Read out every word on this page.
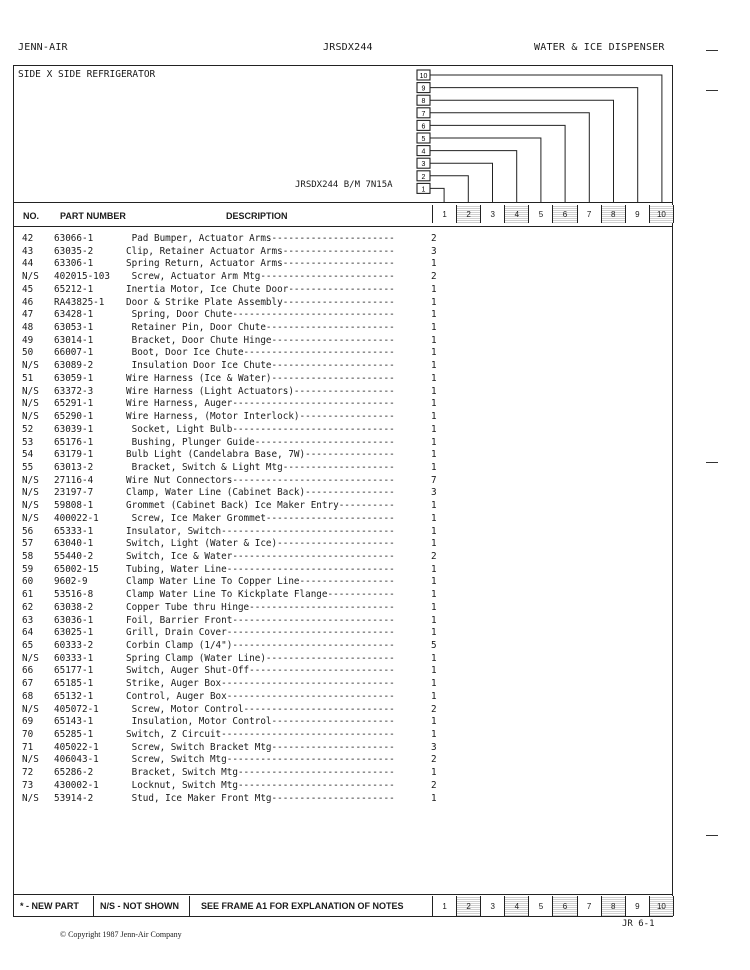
JENN-AIR	JRSDX244	WATER & ICE DISPENSER
SIDE X SIDE REFRIGERATOR
1
2
3
4
5
6
7
8
9
10
JRSDX244 B/M 7N15A
NO. PART NUMBER	DESCRIPTION	1	2	3	4	5	6	7	8	9	10
42	63066-1	Pad Bumper, Actuator Arms----------------------	2
43	63035-2	Clip, Retainer Actuator Arms--------------------	3
44	63306-1	Spring Return, Actuator Arms--------------------	1
N/S	402015-103	Screw, Actuator Arm Mtg------------------------	2
45	65212-1	Inertia Motor, Ice Chute Door-------------------	1
46	RA43825-1	Door & Strike Plate Assembly--------------------	1
47	63428-1	Spring, Door Chute-----------------------------	1
48	63053-1	Retainer Pin, Door Chute-----------------------	1
49	63014-1	Bracket, Door Chute Hinge----------------------	1
50	66007-1	Boot, Door Ice Chute---------------------------	1
N/S	63089-2	Insulation Door Ice Chute----------------------	1
51	63059-1	Wire Harness (Ice & Water)----------------------	1
N/S	63372-3	Wire Harness (Light Actuators)------------------	1
N/S	65291-1	Wire Harness, Auger-----------------------------	1
N/S	65290-1	Wire Harness, (Motor Interlock)-----------------	1
52	63039-1	Socket, Light Bulb-----------------------------	1
53	65176-1	Bushing, Plunger Guide-------------------------	1
54	63179-1	Bulb Light (Candelabra Base, 7W)----------------	1
55	63013-2	Bracket, Switch & Light Mtg--------------------	1
N/S	27116-4	Wire Nut Connectors-----------------------------	7
N/S	23197-7	Clamp, Water Line (Cabinet Back)----------------	3
N/S	59808-1	Grommet (Cabinet Back) Ice Maker Entry----------	1
N/S	400022-1	Screw, Ice Maker Grommet-----------------------	1
56	65333-1	Insulator, Switch-------------------------------	1
57	63040-1	Switch, Light (Water & Ice)---------------------	1
58	55440-2	Switch, Ice & Water-----------------------------	2
59	65002-15	Tubing, Water Line------------------------------	1
60	9602-9	Clamp Water Line To Copper Line-----------------	1
61	53516-8	Clamp Water Line To Kickplate Flange------------	1
62	63038-2	Copper Tube thru Hinge--------------------------	1
63	63036-1	Foil, Barrier Front-----------------------------	1
64	63025-1	Grill, Drain Cover------------------------------	1
65	60333-2	Corbin Clamp (1/4")-----------------------------	5
N/S	60333-1	Spring Clamp (Water Line)-----------------------	1
66	65177-1	Switch, Auger Shut-Off--------------------------	1
67	65185-1	Strike, Auger Box-------------------------------	1
68	65132-1	Control, Auger Box------------------------------	1
N/S	405072-1	Screw, Motor Control---------------------------	2
69	65143-1	Insulation, Motor Control----------------------	1
70	65285-1	Switch, Z Circuit-------------------------------	1
71	405022-1	Screw, Switch Bracket Mtg----------------------	3
N/S	406043-1	Screw, Switch Mtg------------------------------	2
72	65286-2	Bracket, Switch Mtg----------------------------	1
73	430002-1	Locknut, Switch Mtg----------------------------	2
N/S	53914-2	Stud, Ice Maker Front Mtg----------------------	1
* - NEW PART N/S - NOT SHOWN SEE FRAME A1 FOR EXPLANATION OF NOTES	1	2	3	4	5	6	7	8	9	10
JR 6-1
© Copyright 1987 Jenn-Air Company
